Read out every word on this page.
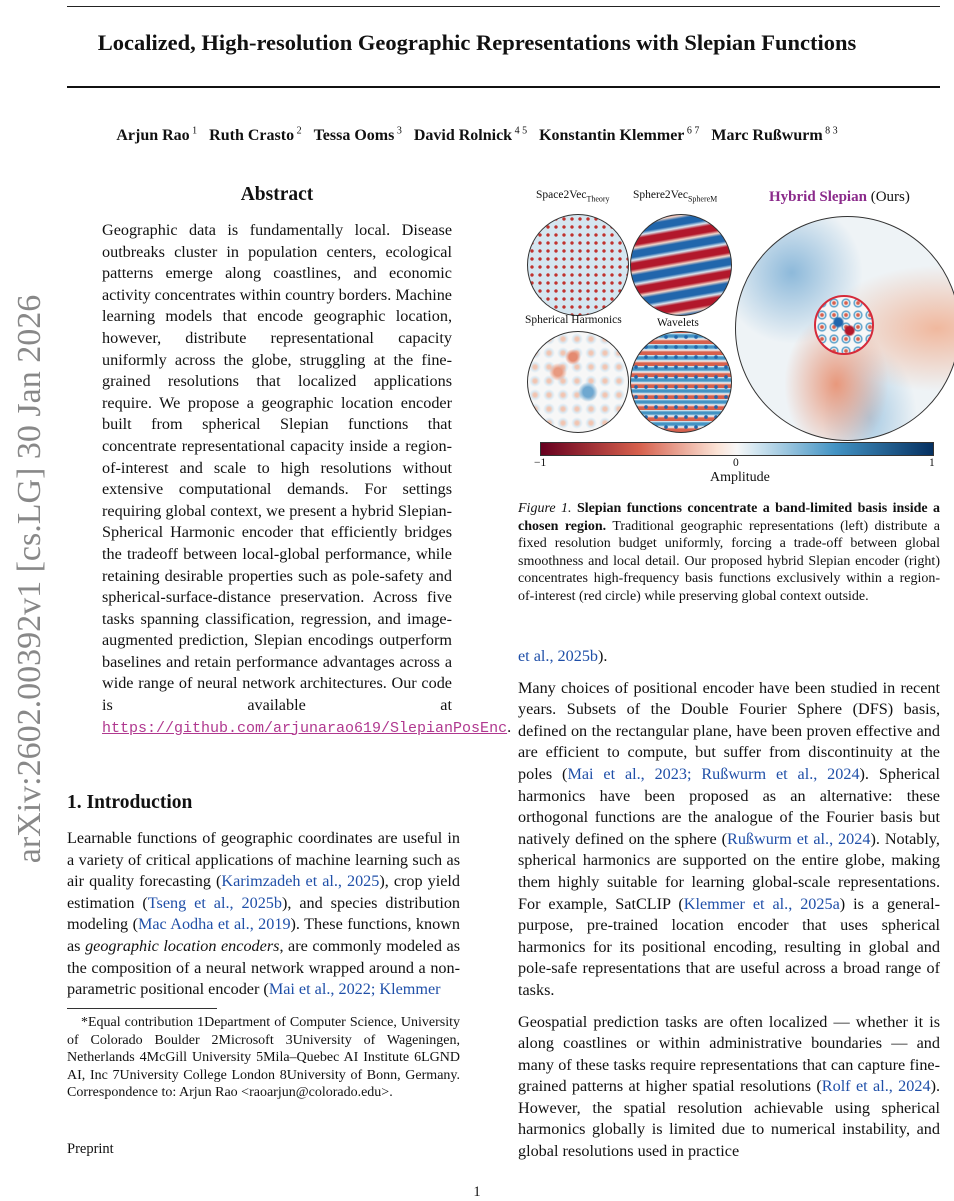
arXiv:2602.00392v1 [cs.LG] 30 Jan 2026
Localized, High-resolution Geographic Representations with Slepian Functions
Arjun Rao $^1$ Ruth Crasto $^2$ Tessa Ooms $^3$ David Rolnick $^{4 5}$ Konstantin Klemmer $^{6 7}$ Marc Rußwurm $^{8 3}$
Abstract

Geographic data is fundamentally local. Disease outbreaks cluster in population centers, ecological patterns emerge along coastlines, and economic activity concentrates within country borders. Machine learning models that encode geographic location, however, distribute representational capacity uniformly across the globe, struggling at the fine-grained resolutions that localized applications require. We propose a geographic location encoder built from spherical Slepian functions that concentrate representational capacity inside a region-of-interest and scale to high resolutions without extensive computational demands. For settings requiring global context, we present a hybrid Slepian-Spherical Harmonic encoder that efficiently bridges the tradeoff between local-global performance, while retaining desirable properties such as pole-safety and spherical-surface-distance preservation. Across five tasks spanning classification, regression, and image-augmented prediction, Slepian encodings outperform baselines and retain performance advantages across a wide range of neural network architectures. Our code is available at https://github.com/arjunarao619/SlepianPosEnc.

1. Introduction

Learnable functions of geographic coordinates are useful in a variety of critical applications of machine learning such as air quality forecasting (Karimzadeh et al., 2025), crop yield estimation (Tseng et al., 2025b), and species distribution modeling (Mac Aodha et al., 2019). These functions, known as geographic location encoders, are commonly modeled as the composition of a neural network wrapped around a non-parametric positional encoder (Mai et al., 2022; Klemmer

*Equal contribution 1Department of Computer Science, University of Colorado Boulder 2Microsoft 3University of Wageningen, Netherlands 4McGill University 5Mila–Quebec AI Institute 6LGND AI, Inc 7University College London 8University of Bonn, Germany. Correspondence to: Arjun Rao <raoarjun@colorado.edu>.
Preprint
1
Space2Vec$_{Theory}$ Sphere2Vec$_{SphereM}$	Hybrid Slepian (Ours)
Spherical Harmonics	Wavelets
−1	0	1
Amplitude
Figure 1. Slepian functions concentrate a band-limited basis inside a chosen region. Traditional geographic representations (left) distribute a fixed resolution budget uniformly, forcing a trade-off between global smoothness and local detail. Our proposed hybrid Slepian encoder (right) concentrates high-frequency basis functions exclusively within a region-of-interest (red circle) while preserving global context outside.

et al., 2025b).

Many choices of positional encoder have been studied in recent years. Subsets of the Double Fourier Sphere (DFS) basis, defined on the rectangular plane, have been proven effective and are efficient to compute, but suffer from discontinuity at the poles (Mai et al., 2023; Rußwurm et al., 2024). Spherical harmonics have been proposed as an alternative: these orthogonal functions are the analogue of the Fourier basis but natively defined on the sphere (Rußwurm et al., 2024). Notably, spherical harmonics are supported on the entire globe, making them highly suitable for learning global-scale representations. For example, SatCLIP (Klemmer et al., 2025a) is a general-purpose, pre-trained location encoder that uses spherical harmonics for its positional encoding, resulting in global and pole-safe representations that are useful across a broad range of tasks.

Geospatial prediction tasks are often localized — whether it is along coastlines or within administrative boundaries — and many of these tasks require representations that can capture fine-grained patterns at higher spatial resolutions (Rolf et al., 2024). However, the spatial resolution achievable using spherical harmonics globally is limited due to numerical instability, and global resolutions used in practice
